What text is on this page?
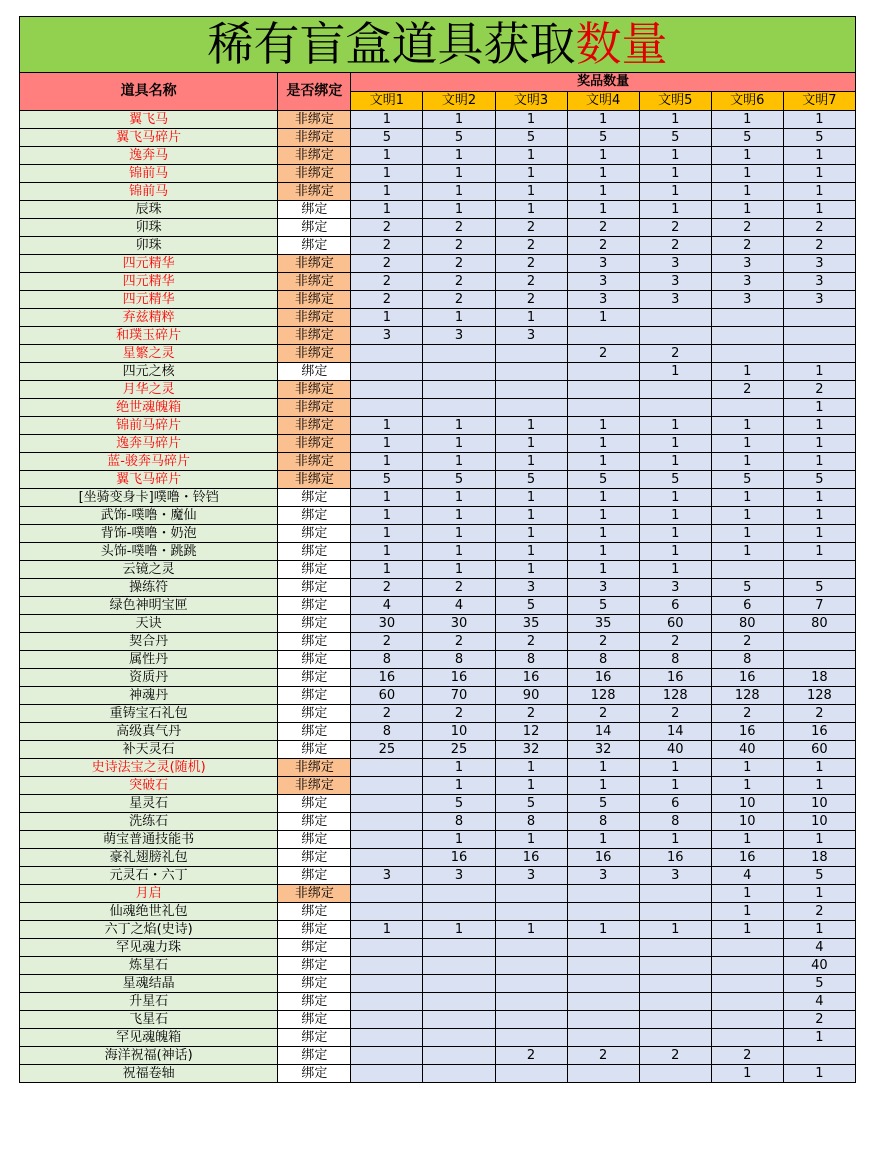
稀有盲盒道具获取数量								
道具名称	是否绑定	奖品数量						
		文明1	文明2	文明3	文明4	文明5	文明6	文明7
翼飞马	非绑定	1	1	1	1	1	1	1
翼飞马碎片	非绑定	5	5	5	5	5	5	5
逸奔马	非绑定	1	1	1	1	1	1	1
锦前马	非绑定	1	1	1	1	1	1	1
锦前马	非绑定	1	1	1	1	1	1	1
辰珠	绑定	1	1	1	1	1	1	1
卯珠	绑定	2	2	2	2	2	2	2
卯珠	绑定	2	2	2	2	2	2	2
四元精华	非绑定	2	2	2	3	3	3	3
四元精华	非绑定	2	2	2	3	3	3	3
四元精华	非绑定	2	2	2	3	3	3	3
弃兹精粹	非绑定	1	1	1	1			
和璞玉碎片	非绑定	3	3	3				
星繁之灵	非绑定				2	2		
四元之核	绑定					1	1	1
月华之灵	非绑定						2	2
绝世魂魄箱	非绑定							1
锦前马碎片	非绑定	1	1	1	1	1	1	1
逸奔马碎片	非绑定	1	1	1	1	1	1	1
蓝-骏奔马碎片	非绑定	1	1	1	1	1	1	1
翼飞马碎片	非绑定	5	5	5	5	5	5	5
[坐骑变身卡]噗噜・铃铛	绑定	1	1	1	1	1	1	1
武饰-噗噜・魔仙	绑定	1	1	1	1	1	1	1
背饰-噗噜・奶泡	绑定	1	1	1	1	1	1	1
头饰-噗噜・跳跳	绑定	1	1	1	1	1	1	1
云镜之灵	绑定	1	1	1	1	1		
操练符	绑定	2	2	3	3	3	5	5
绿色神明宝匣	绑定	4	4	5	5	6	6	7
天诀	绑定	30	30	35	35	60	80	80
契合丹	绑定	2	2	2	2	2	2	
属性丹	绑定	8	8	8	8	8	8	
资质丹	绑定	16	16	16	16	16	16	18
神魂丹	绑定	60	70	90	128	128	128	128
重铸宝石礼包	绑定	2	2	2	2	2	2	2
高级真气丹	绑定	8	10	12	14	14	16	16
补天灵石	绑定	25	25	32	32	40	40	60
史诗法宝之灵(随机)	非绑定		1	1	1	1	1	1
突破石	非绑定		1	1	1	1	1	1
星灵石	绑定		5	5	5	6	10	10
洗练石	绑定		8	8	8	8	10	10
萌宝普通技能书	绑定		1	1	1	1	1	1
豪礼翅膀礼包	绑定		16	16	16	16	16	18
元灵石・六丁	绑定	3	3	3	3	3	4	5
月启	非绑定						1	1
仙魂绝世礼包	绑定						1	2
六丁之焰(史诗)	绑定	1	1	1	1	1	1	1
罕见魂力珠	绑定							4
炼星石	绑定							40
星魂结晶	绑定							5
升星石	绑定							4
飞星石	绑定							2
罕见魂魄箱	绑定							1
海洋祝福(神话)	绑定			2	2	2	2	
祝福卷轴	绑定						1	1
